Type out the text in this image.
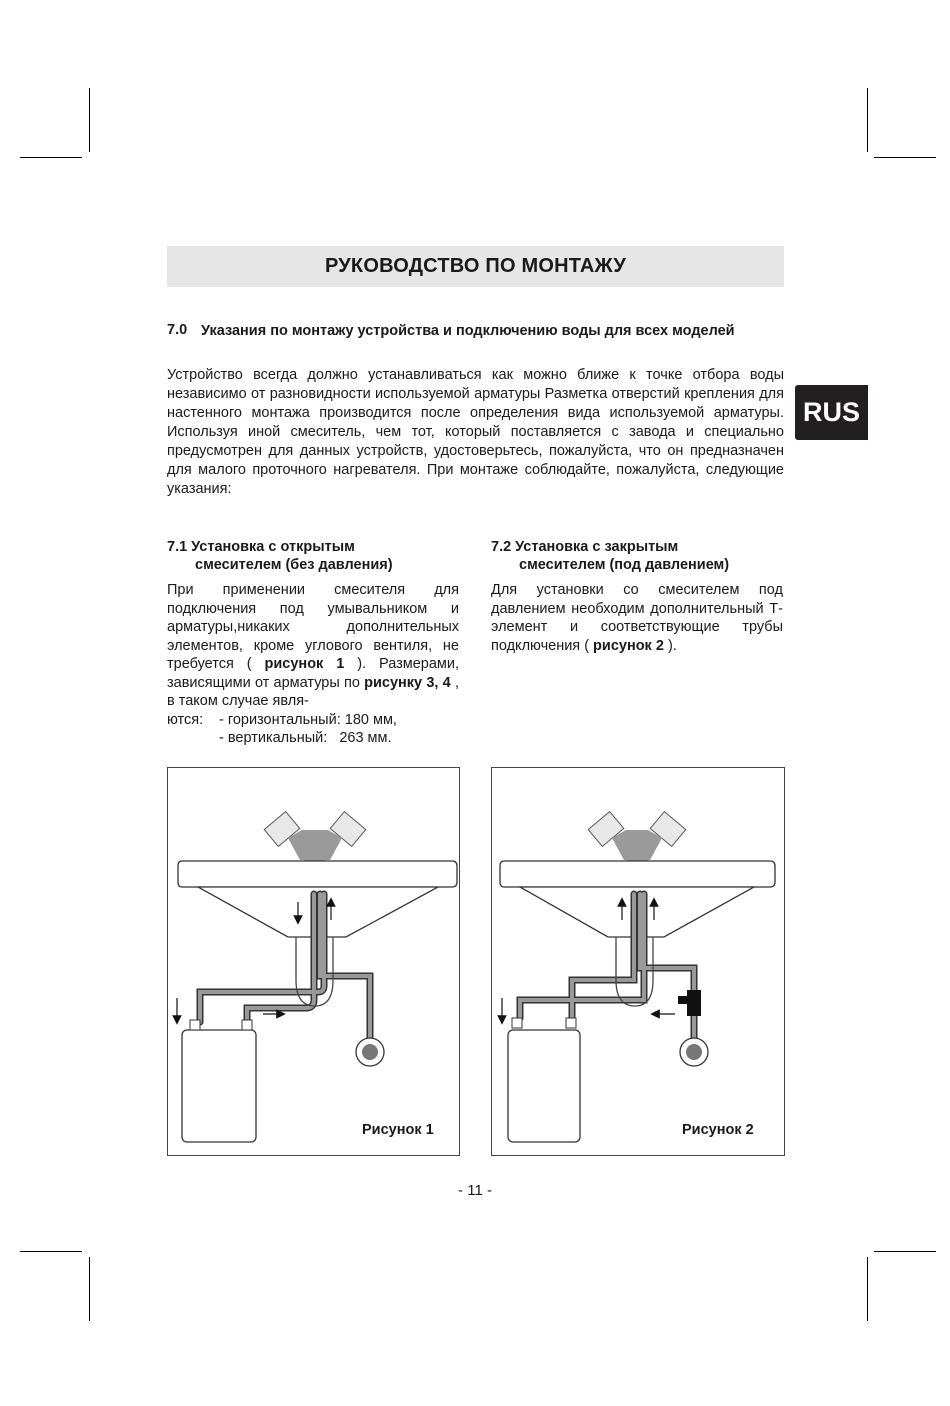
РУКОВОДСТВО ПО МОНТАЖУ
RUS
7.0 Указания по монтажу устройства и подключению воды для всех моделей
Устройство всегда должно устанавливаться как можно ближе к точке отбора воды независимо от разновидности используемой арматуры Разметка отверстий крепления для настенного монтажа производится после определения вида используемой арматуры. Используя иной смеситель, чем тот, который поставляется с завода и специально предусмотрен для данных устройств, удостоверьтесь, пожалуйста, что он предназначен для малого проточного нагревателя. При монтаже соблюдайте, пожалуйста, следующие указания:
7.1 Установка с открытым
смесителем (без давления)
При применении смесителя для подключения под умывальником и арматуры,никаких дополнительных элементов, кроме углового вентиля, не требуется ( рисунок 1 ). Размерами, зависящими от арматуры по рисунку 3, 4 , в таком случае явля-
ются:	- горизонтальный: 180 мм,
- вертикальный:   263 мм.
7.2 Установка с закрытым
смесителем (под давлением)
Для установки со смесителем под давлением необходим дополнительный Т-элемент и соответствующие трубы подключения ( рисунок 2 ).
Рисунок 1	Рисунок 2
- 11 -
